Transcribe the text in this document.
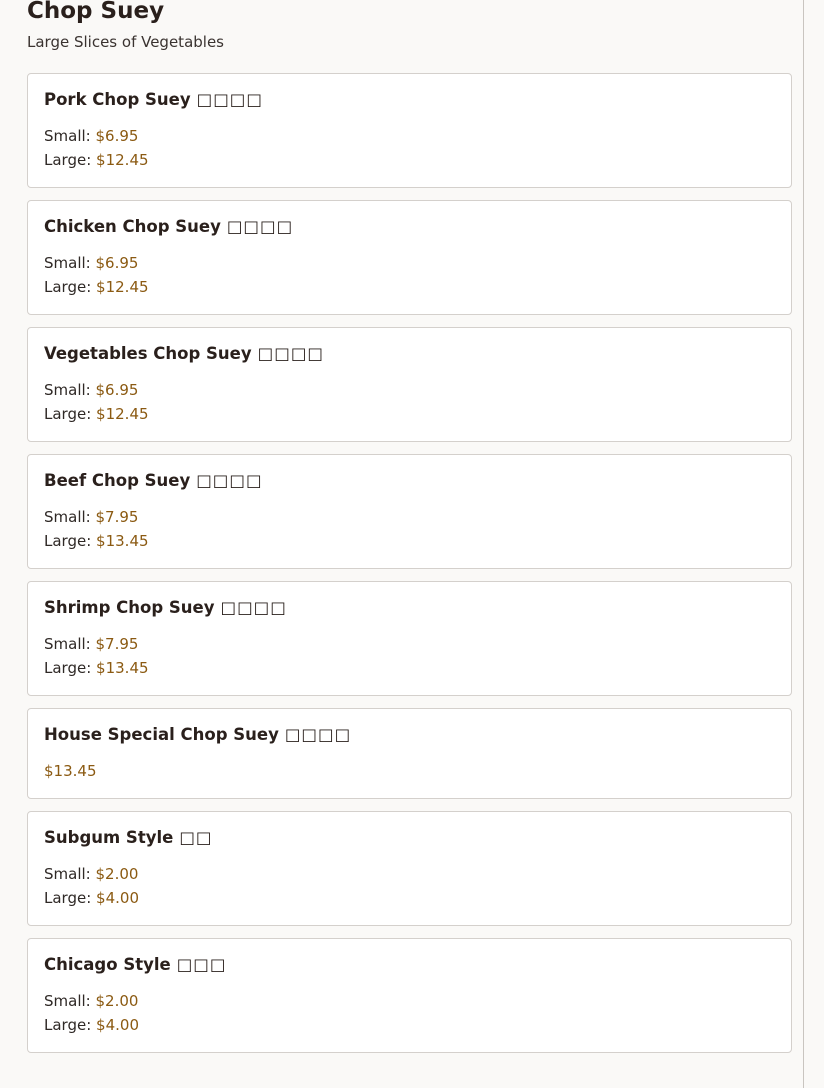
Chop Suey

Large Slices of Vegetables

Pork Chop Suey □□□□
Small: $6.95
Large: $12.45
Chicken Chop Suey □□□□
Small: $6.95
Large: $12.45
Vegetables Chop Suey □□□□
Small: $6.95
Large: $12.45
Beef Chop Suey □□□□
Small: $7.95
Large: $13.45
Shrimp Chop Suey □□□□
Small: $7.95
Large: $13.45
House Special Chop Suey □□□□
$13.45
Subgum Style □□
Small: $2.00
Large: $4.00
Chicago Style □□□
Small: $2.00
Large: $4.00
